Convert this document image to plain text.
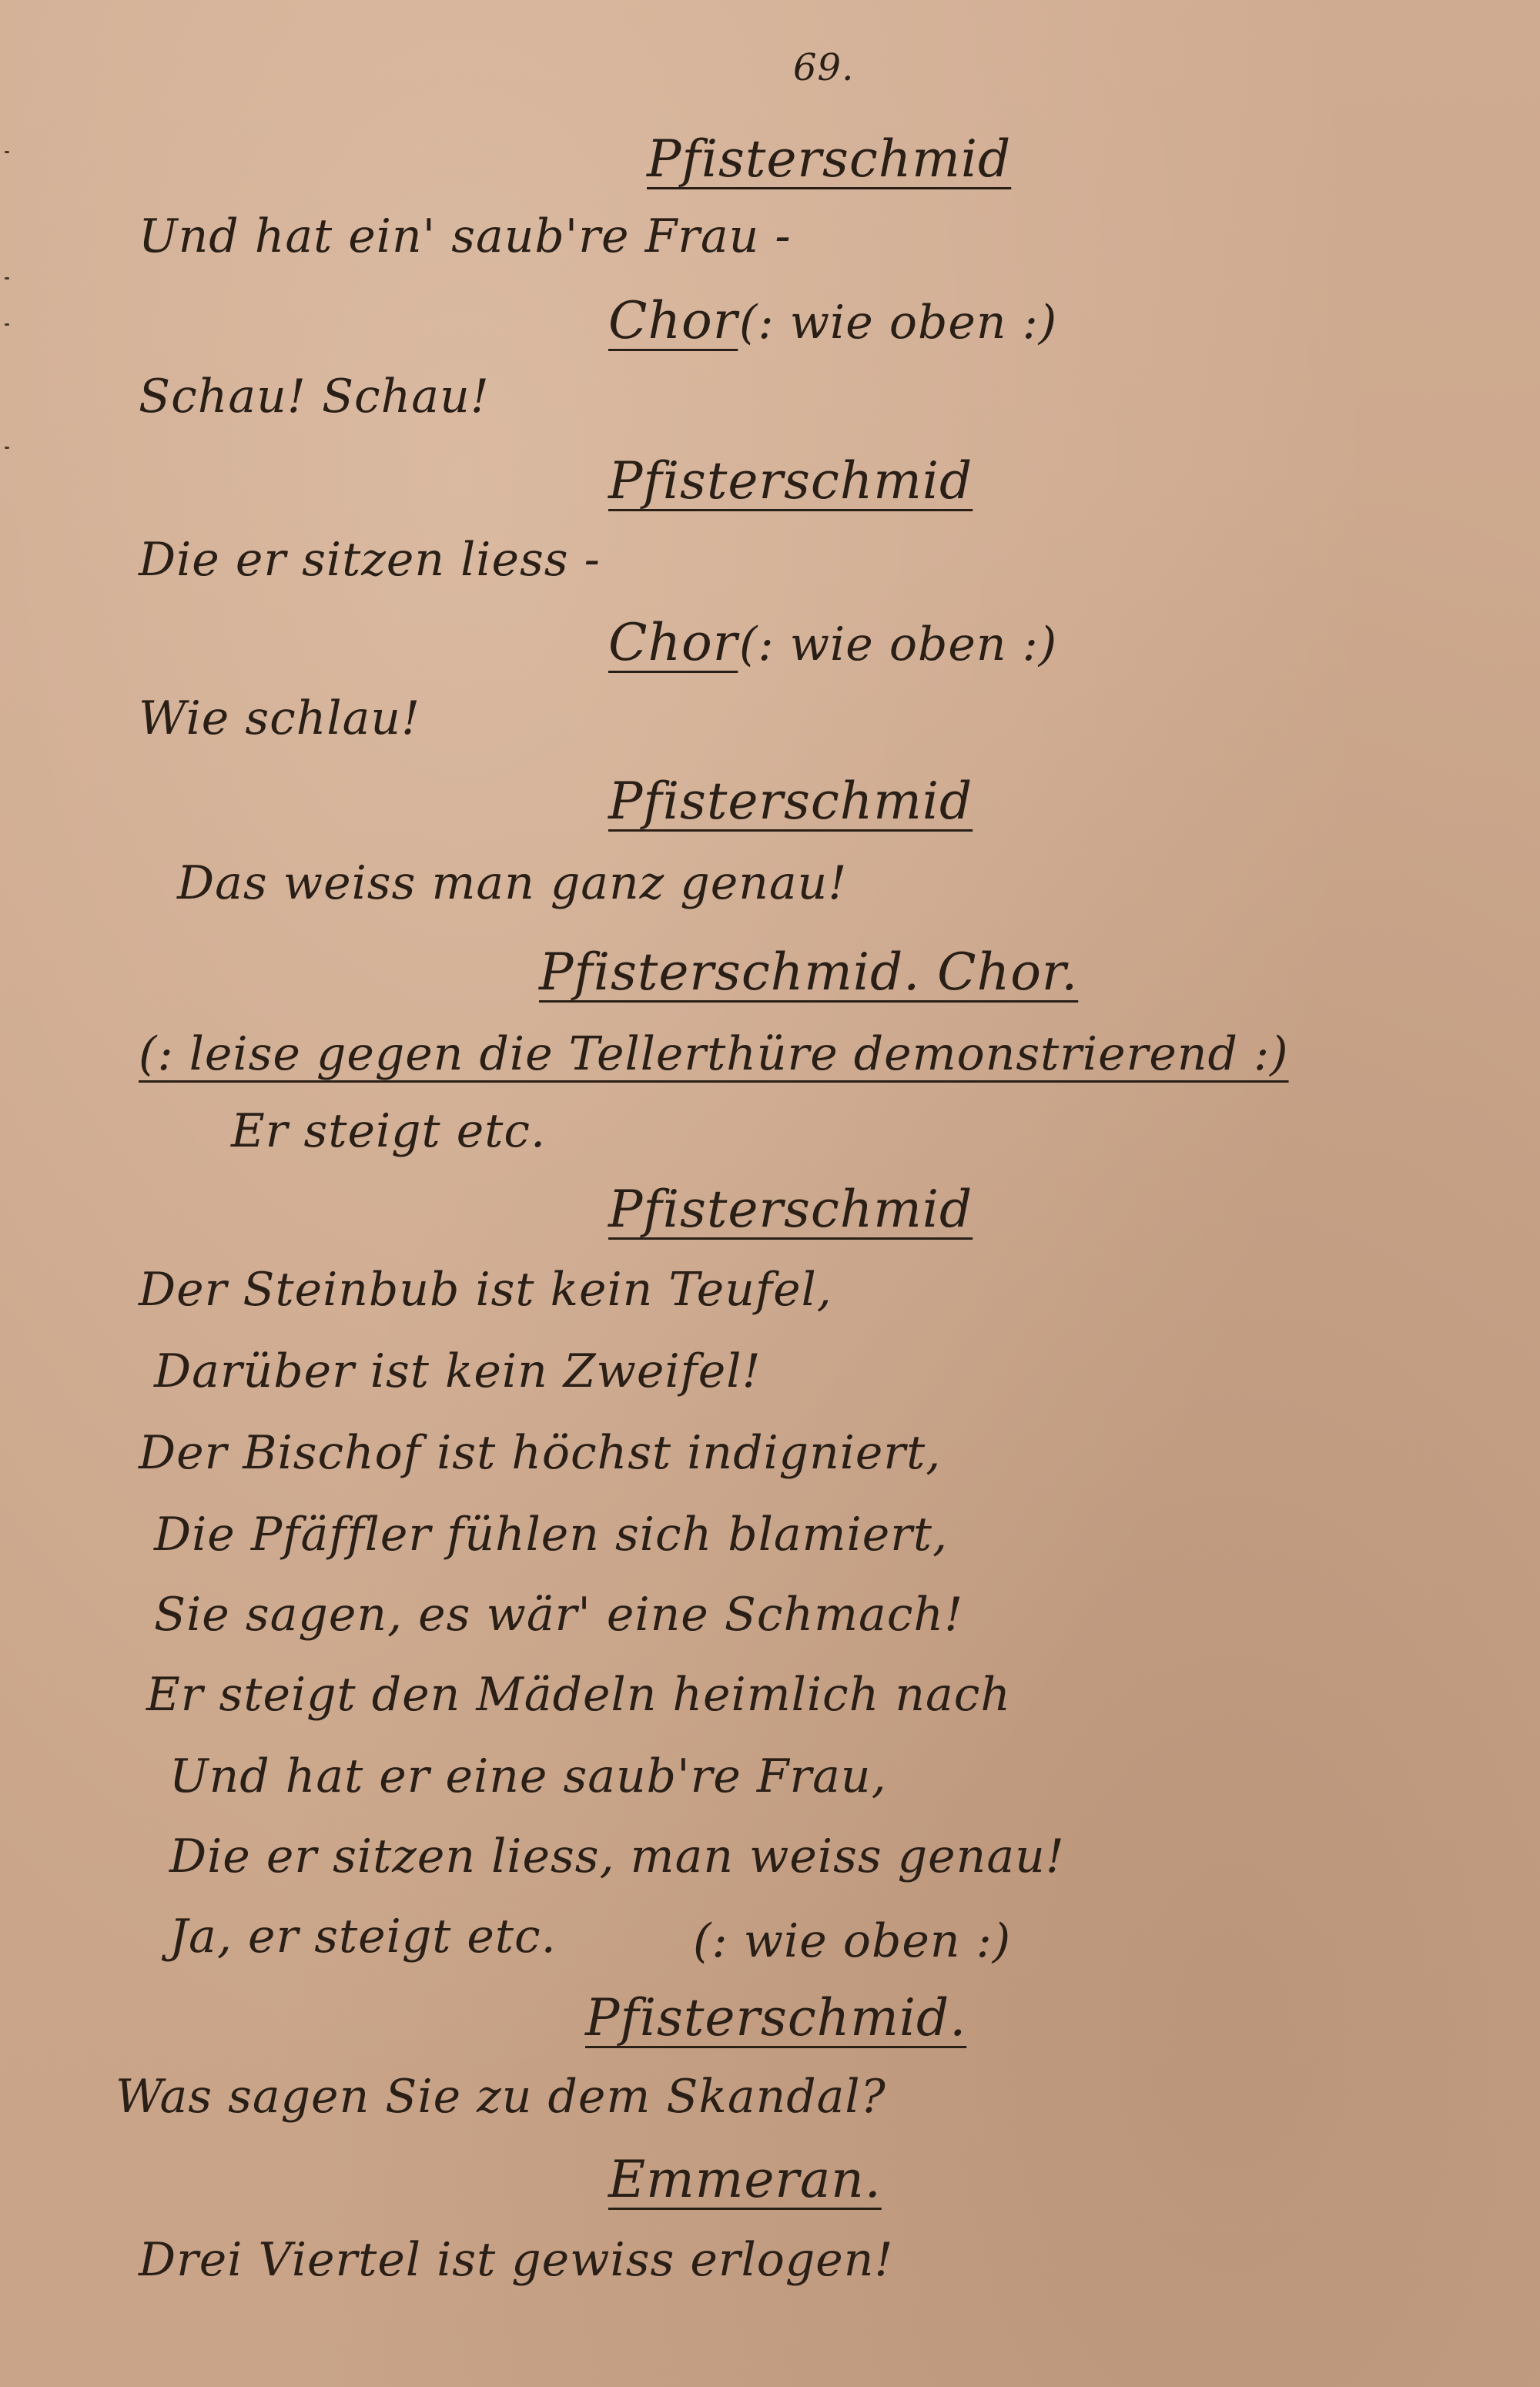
69.
Pfisterschmid
Und hat ein' saub're Frau -
Chor (: wie oben :)
Schau! Schau!
Pfisterschmid
Die er sitzen liess -
Chor (: wie oben :)
Wie schlau!
Pfisterschmid
Das weiss man ganz genau!
Pfisterschmid. Chor.
(: leise gegen die Tellerthüre demonstrierend :)
Er steigt etc.
Pfisterschmid
Der Steinbub ist kein Teufel,
Darüber ist kein Zweifel!
Der Bischof ist höchst indigniert,
Die Pfäffler fühlen sich blamiert,
Sie sagen, es wär' eine Schmach!
Er steigt den Mädeln heimlich nach
Und hat er eine saub're Frau,
Die er sitzen liess, man weiss genau!
Ja, er steigt etc.	(: wie oben :)
Pfisterschmid.
Was sagen Sie zu dem Skandal?
Emmeran.
Drei Viertel ist gewiss erlogen!
